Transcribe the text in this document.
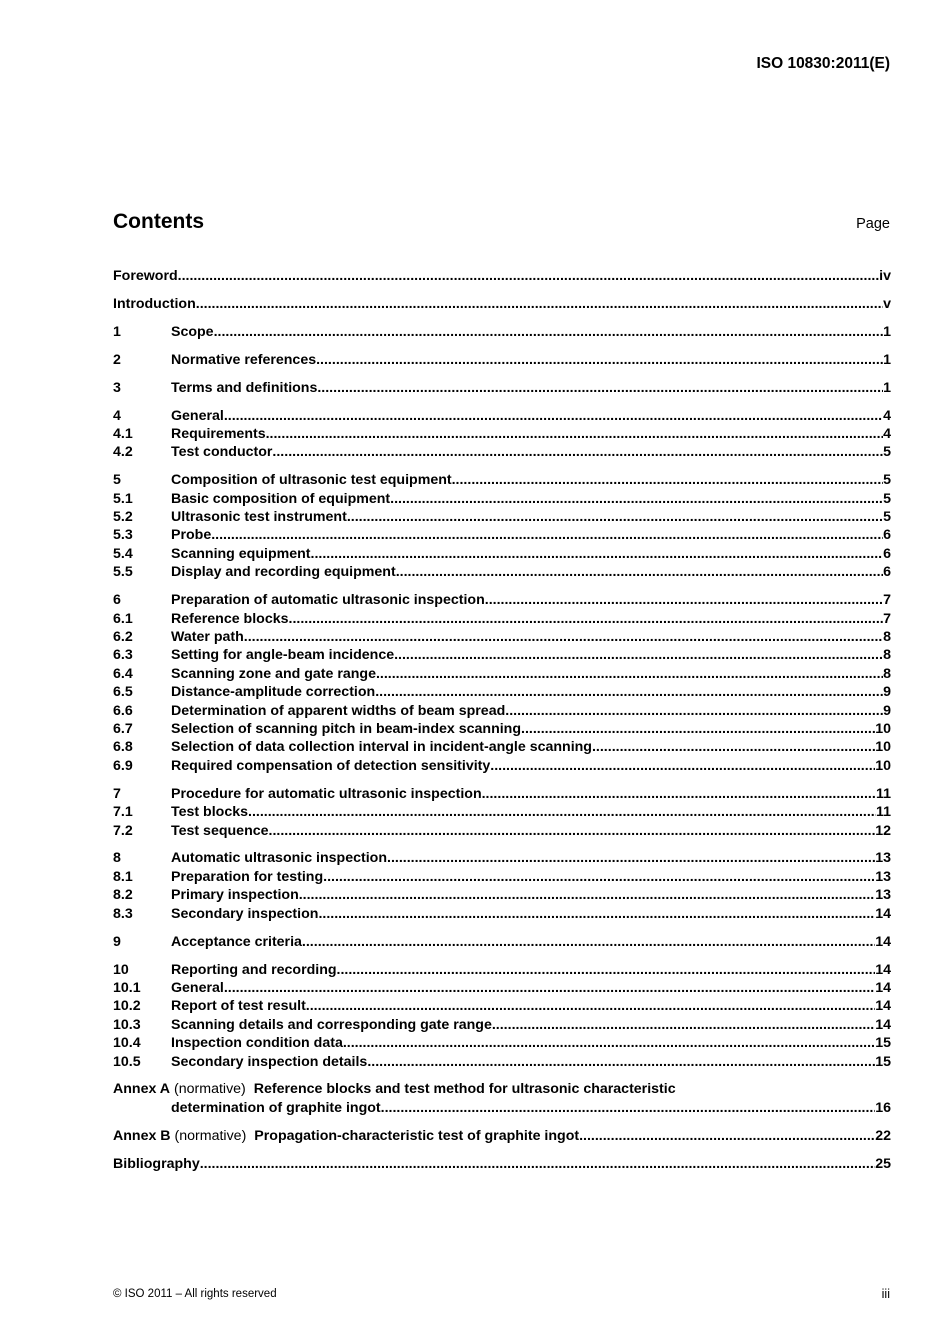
ISO 10830:2011(E)
Contents	Page
Foreword .....	iv
Introduction .....	v
1	Scope .....	1
2	Normative references .....	1
3	Terms and definitions .....	1
4	General .....	4
4.1	Requirements .....	4
4.2	Test conductor .....	5
5	Composition of ultrasonic test equipment .....	5
5.1	Basic composition of equipment .....	5
5.2	Ultrasonic test instrument .....	5
5.3	Probe .....	6
5.4	Scanning equipment .....	6
5.5	Display and recording equipment .....	6
6	Preparation of automatic ultrasonic inspection .....	7
6.1	Reference blocks .....	7
6.2	Water path .....	8
6.3	Setting for angle-beam incidence .....	8
6.4	Scanning zone and gate range .....	8
6.5	Distance-amplitude correction .....	9
6.6	Determination of apparent widths of beam spread .....	9
6.7	Selection of scanning pitch in beam-index scanning .....	10
6.8	Selection of data collection interval in incident-angle scanning .....	10
6.9	Required compensation of detection sensitivity .....	10
7	Procedure for automatic ultrasonic inspection .....	11
7.1	Test blocks .....	11
7.2	Test sequence .....	12
8	Automatic ultrasonic inspection .....	13
8.1	Preparation for testing .....	13
8.2	Primary inspection .....	13
8.3	Secondary inspection .....	14
9	Acceptance criteria .....	14
10	Reporting and recording .....	14
10.1	General .....	14
10.2	Report of test result .....	14
10.3	Scanning details and corresponding gate range .....	14
10.4	Inspection condition data .....	15
10.5	Secondary inspection details .....	15
Annex A (normative) Reference blocks and test method for ultrasonic characteristic
determination of graphite ingot .....	16
Annex B (normative) Propagation-characteristic test of graphite ingot .....	22
Bibliography .....	25
© ISO 2011 – All rights reserved	iii
